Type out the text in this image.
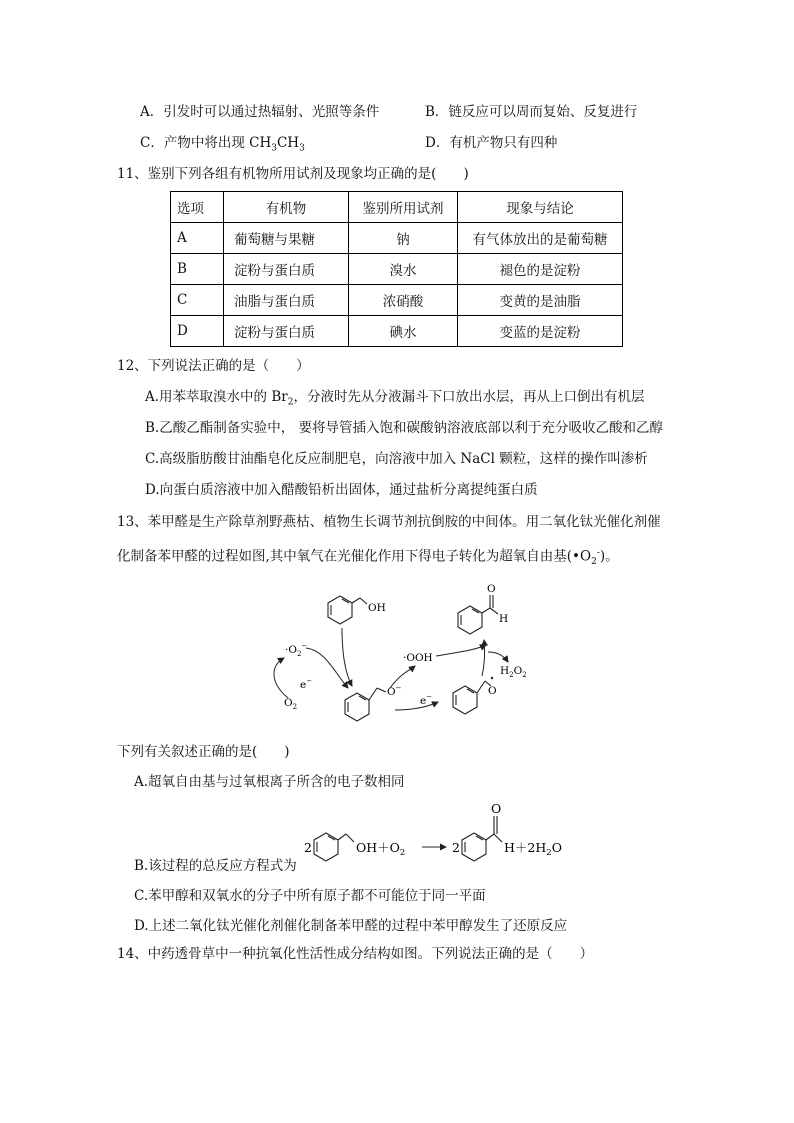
A．引发时可以通过热辐射、光照等条件	B．链反应可以周而复始、反复进行
C．产物中将出现 $CH_3CH_3$	D．有机产物只有四种
11、鉴别下列各组有机物所用试剂及现象均正确的是(　　)
选项	有机物	鉴别所用试剂	现象与结论
A	葡萄糖与果糖	钠	有气体放出的是葡萄糖
B	淀粉与蛋白质	溴水	褪色的是淀粉
C	油脂与蛋白质	浓硝酸	变黄的是油脂
D	淀粉与蛋白质	碘水	变蓝的是淀粉
12、下列说法正确的是（　　）
A.用苯萃取溴水中的 $Br_2$，分液时先从分液漏斗下口放出水层，再从上口倒出有机层
B.乙酸乙酯制备实验中， 要将导管插入饱和碳酸钠溶液底部以利于充分吸收乙酸和乙醇
C.高级脂肪酸甘油酯皂化反应制肥皂，向溶液中加入 NaCl 颗粒，这样的操作叫渗析
D.向蛋白质溶液中加入醋酸铅析出固体，通过盐析分离提纯蛋白质
13、苯甲醛是生产除草剂野燕枯、植物生长调节剂抗倒胺的中间体。用二氧化钛光催化剂催
化制备苯甲醛的过程如图,其中氧气在光催化作用下得电子转化为超氧自由基$(•O_2^-)$。
OH
O
H
$\cdot O_2^-$
e−
$O_2$
O−
·OOH
e−	O
$H_2O_2$
下列有关叙述正确的是(　　)
A.超氧自由基与过氧根离子所含的电子数相同
B.该过程的总反应方程式为
2	$OH+O_2$	2
O
$H+2H_2O$
C.苯甲醇和双氧水的分子中所有原子都不可能位于同一平面
D.上述二氧化钛光催化剂催化制备苯甲醛的过程中苯甲醇发生了还原反应
14、中药透骨草中一种抗氧化性活性成分结构如图。下列说法正确的是（　　）
